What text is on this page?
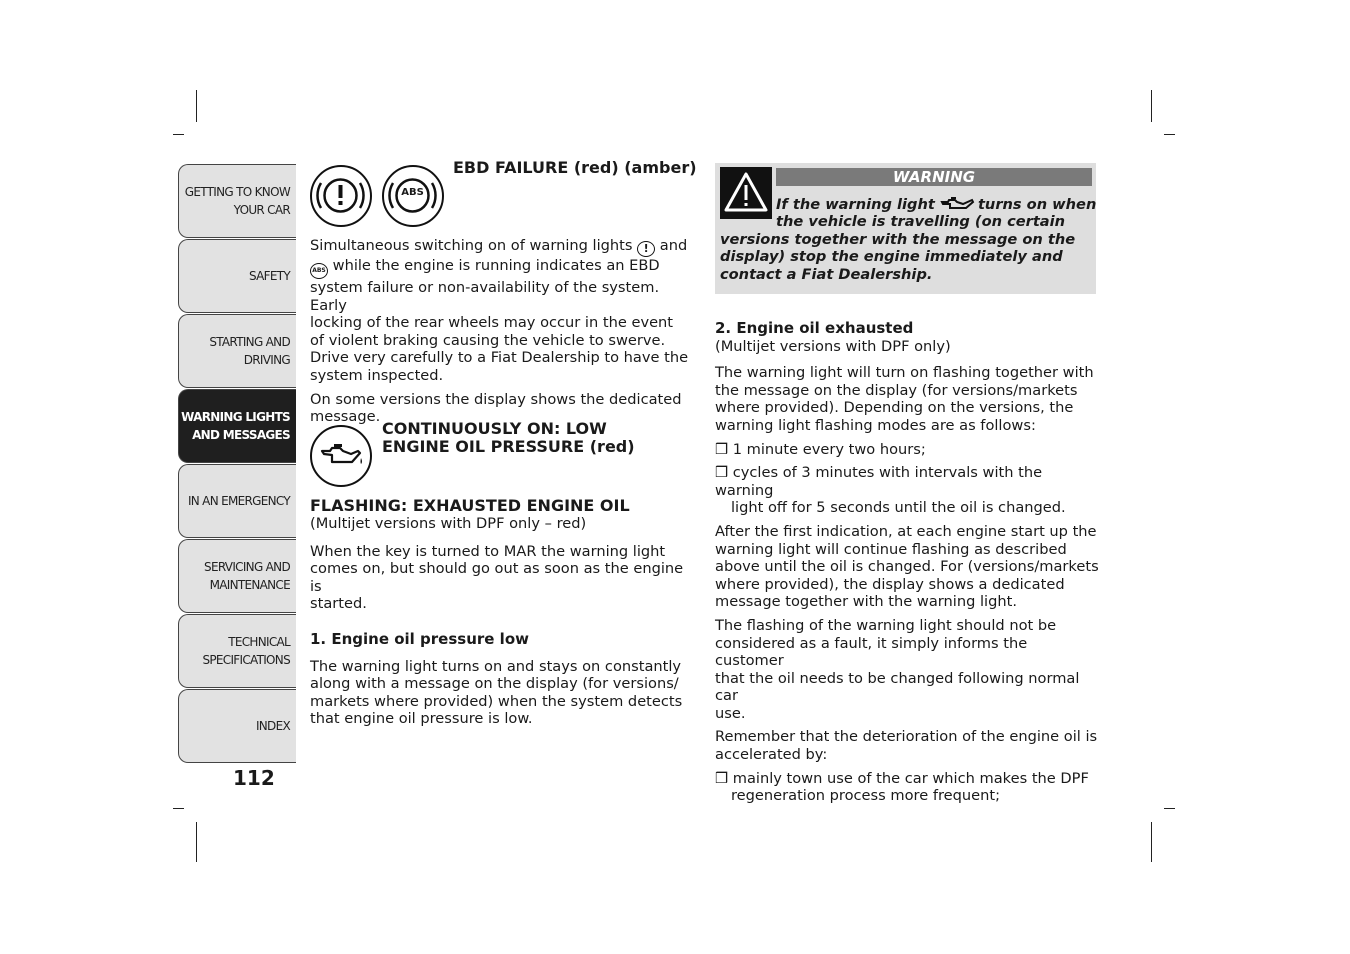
GETTING TO KNOW
YOUR CAR
SAFETY
STARTING AND
DRIVING
WARNING LIGHTS
AND MESSAGES
IN AN EMERGENCY
SERVICING AND
MAINTENANCE
TECHNICAL
SPECIFICATIONS
INDEX
112
ABS
EBD FAILURE (red) (amber)

Simultaneous switching on of warning lights ! and

ABS while the engine is running indicates an EBD

system failure or non-availability of the system. Early

locking of the rear wheels may occur in the event

of violent braking causing the vehicle to swerve.

Drive very carefully to a Fiat Dealership to have the

system inspected.

On some versions the display shows the dedicated

message.

CONTINUOUSLY ON: LOW

ENGINE OIL PRESSURE (red)

FLASHING: EXHAUSTED ENGINE OIL

(Multijet versions with DPF only – red)

When the key is turned to MAR the warning light

comes on, but should go out as soon as the engine is

started.

1. Engine oil pressure low

The warning light turns on and stays on constantly

along with a message on the display (for versions/

markets where provided) when the system detects

that engine oil pressure is low.

WARNING
If the warning light	turns on when
the vehicle is travelling (on certain
versions together with the message on the
display) stop the engine immediately and
contact a Fiat Dealership.

2. Engine oil exhausted

(Multijet versions with DPF only)

The warning light will turn on flashing together with

the message on the display (for versions/markets

where provided). Depending on the versions, the

warning light flashing modes are as follows:

❒ 1 minute every two hours;

❒ cycles of 3 minutes with intervals with the warning

light off for 5 seconds until the oil is changed.

After the first indication, at each engine start up the

warning light will continue flashing as described

above until the oil is changed. For (versions/markets

where provided), the display shows a dedicated

message together with the warning light.

The flashing of the warning light should not be

considered as a fault, it simply informs the customer

that the oil needs to be changed following normal car

use.

Remember that the deterioration of the engine oil is

accelerated by:

❒ mainly town use of the car which makes the DPF

regeneration process more frequent;
